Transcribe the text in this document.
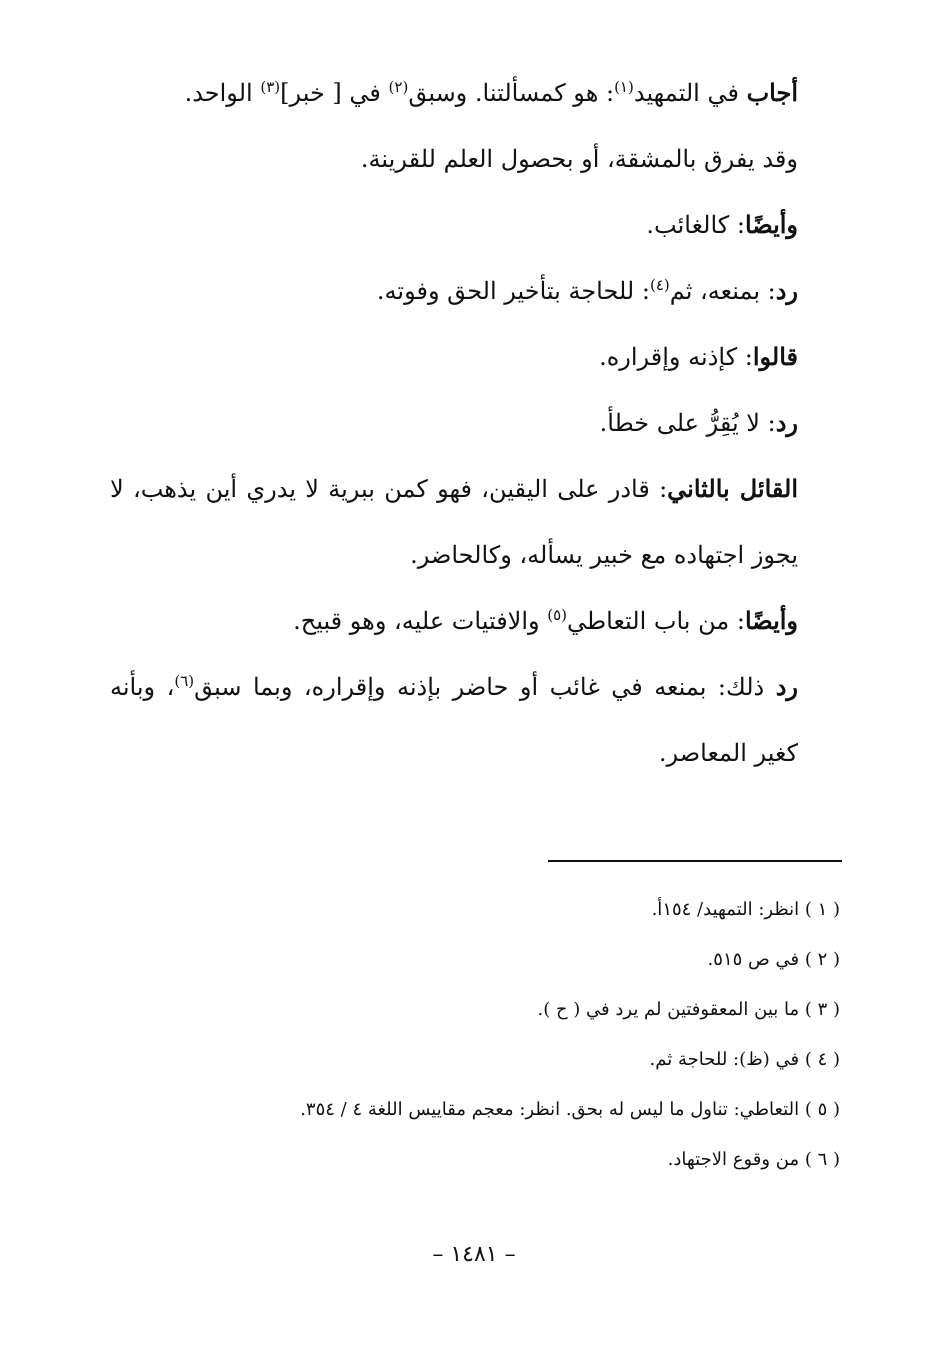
أجاب في التمهيد$^{(١)}$: هو كمسألتنا. وسبق$^{(٢)}$ في [ خبر]$^{(٣)}$ الواحد.

وقد يفرق بالمشقة، أو بحصول العلم للقرينة.

وأيضًا: كالغائب.

رد: بمنعه، ثم$^{(٤)}$: للحاجة بتأخير الحق وفوته.

قالوا: كإذنه وإقراره.

رد: لا يُقِرُّ على خطأ.

القائل بالثاني: قادر على اليقين، فهو كمن ببرية لا يدري أين يذهب، لا يجوز اجتهاده مع خبير يسأله، وكالحاضر.

وأيضًا: من باب التعاطي$^{(٥)}$ والافتيات عليه، وهو قبيح.

رد ذلك: بمنعه في غائب أو حاضر بإذنه وإقراره، وبما سبق$^{(٦)}$، وبأنه كغير المعاصر.

( ١ ) انظر: التمهيد/ ١٥٤أ.

( ٢ ) في ص ٥١٥.

( ٣ ) ما بين المعقوفتين لم يرد في ( ح ).

( ٤ ) في (ظ): للحاجة ثم.

( ٥ ) التعاطي: تناول ما ليس له بحق. انظر: معجم مقاييس اللغة ٤ / ٣٥٤.

( ٦ ) من وقوع الاجتهاد.

– ١٤٨١ –
